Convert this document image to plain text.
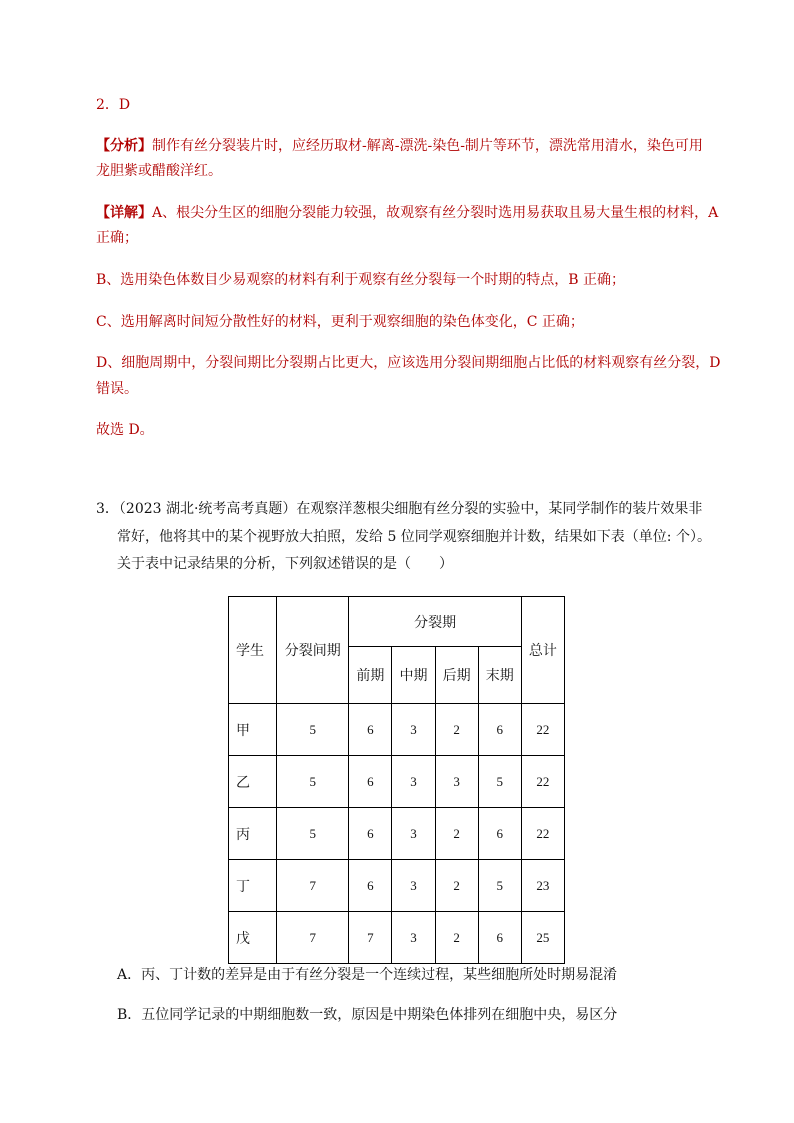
2．D
【分析】制作有丝分裂装片时，应经历取材-解离-漂洗-染色-制片等环节，漂洗常用清水，染色可用
龙胆紫或醋酸洋红。
【详解】A、根尖分生区的细胞分裂能力较强，故观察有丝分裂时选用易获取且易大量生根的材料，A
正确；
B、选用染色体数目少易观察的材料有利于观察有丝分裂每一个时期的特点，B 正确；
C、选用解离时间短分散性好的材料，更利于观察细胞的染色体变化，C 正确；
D、细胞周期中，分裂间期比分裂期占比更大，应该选用分裂间期细胞占比低的材料观察有丝分裂，D
错误。
故选 D。
3．（2023 湖北·统考高考真题）在观察洋葱根尖细胞有丝分裂的实验中，某同学制作的装片效果非
常好，他将其中的某个视野放大拍照，发给 5 位同学观察细胞并计数，结果如下表（单位: 个）。
关于表中记录结果的分析，下列叙述错误的是（　　）
学生	分裂间期	分裂期				总计
		前期	中期	后期	末期	
甲	5	6	3	2	6	22
乙	5	6	3	3	5	22
丙	5	6	3	2	6	22
丁	7	6	3	2	5	23
戊	7	7	3	2	6	25
A．丙、丁计数的差异是由于有丝分裂是一个连续过程，某些细胞所处时期易混淆
B．五位同学记录的中期细胞数一致，原因是中期染色体排列在细胞中央，易区分
